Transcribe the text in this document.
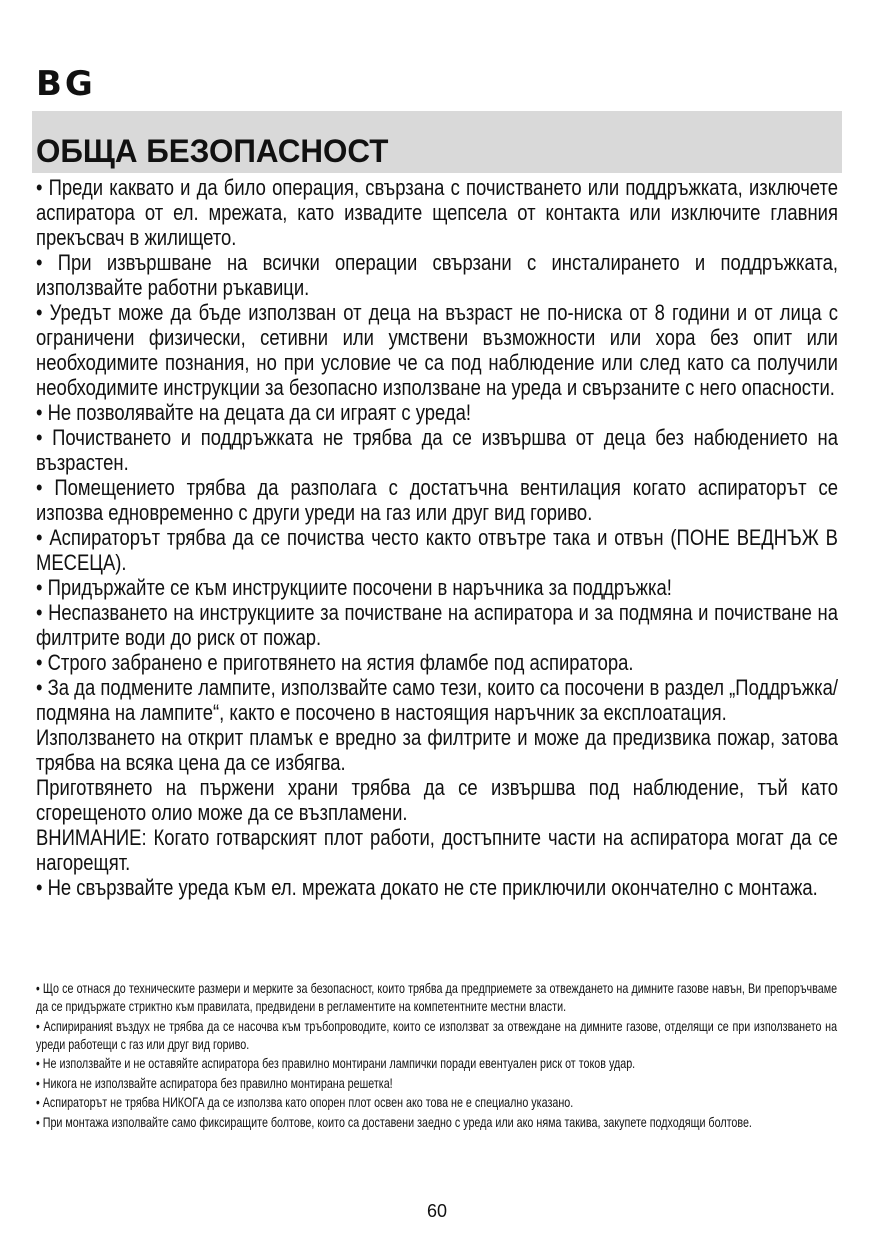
BG
ОБЩА БЕЗОПАСНОСТ

• Преди каквато и да било операция, свързана с почистването или поддръжката, изключете аспиратора от ел. мрежата, като извадите щепсела от контакта или изключите главния прекъсвач в жилището.

• При извършване на всички операции свързани с инсталирането и поддръжката, използвайте работни ръкавици.

• Уредът може да бъде използван от деца на възраст не по-ниска от 8 години и от лица с ограничени физически, сетивни или умствени възможности или хора без опит или необходимите познания, но при условие че са под наблюдение или след като са получили необходимите инструкции за безопасно използване на уреда и свързаните с него опасности.

• Не позволявайте на децата да си играят с уреда!

• Почистването и поддръжката не трябва да се извършва от деца без набюдението на възрастен.

• Помещението трябва да разполага с достатъчна вентилация когато аспираторът се изпозва едновременно с други уреди на газ или друг вид гориво.

• Аспираторът трябва да се почиства често както отвътре така и отвън (ПОНЕ ВЕДНЪЖ В МЕСЕЦА).

• Придържайте се към инструкциите посочени в наръчника за поддръжка!

• Неспазването на инструкциите за почистване на аспиратора и за подмяна и почистване на филтрите води до риск от пожар.

• Строго забранено е приготвянето на ястия фламбе под аспиратора.

• За да подмените лампите, използвайте само тези, които са посочени в раздел „Поддръжка/подмяна на лампите“, както е посочено в настоящия наръчник за експлоатация.

Използването на открит пламък е вредно за филтрите и може да предизвика пожар, затова трябва на всяка цена да се избягва.

Приготвянето на пържени храни трябва да се извършва под наблюдение, тъй като сгорещеното олио може да се възпламени.

ВНИМАНИЕ: Когато готварският плот работи, достъпните части на аспиратора могат да се нагорещят.

• Не свързвайте уреда към ел. мрежата докато не сте приключили окончателно с монтажа.

• Що се отнася до техническите размери и мерките за безопасност, които трябва да предприемете за отвеждането на димните газове навън, Ви препоръчваме да се придържате стриктно към правилата, предвидени в регламентите на компетентните местни власти.

• Аспириранияt въздух не трябва да се насочва към тръбопроводите, които се използват за отвеждане на димните газове, отделящи се при използването на уреди работещи с газ или друг вид гориво.

• Не използвайте и не оставяйте аспиратора без правилно монтирани лампички поради евентуален риск от токов удар.

• Никога не използвайте аспиратора без правилно монтирана решетка!

• Аспираторът не трябва НИКОГА да се използва като опорен плот освен ако това не е специално указано.

• При монтажа изполвайте само фиксиращите болтове, които са доставени заедно с уреда или ако няма такива, закупете подходящи болтове.

60
